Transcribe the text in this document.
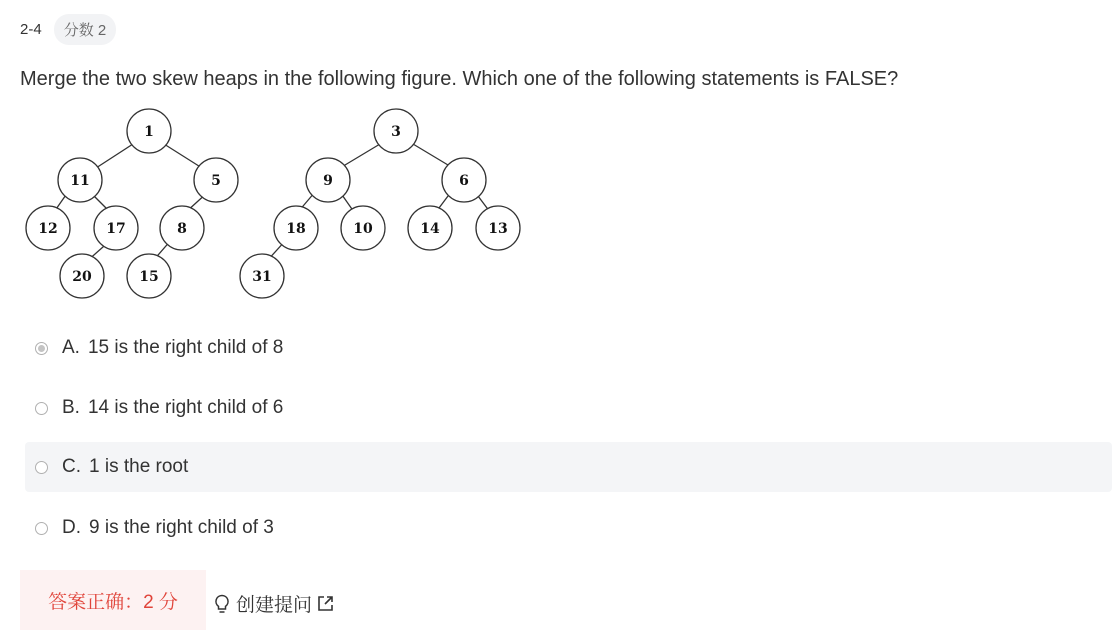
2-4	分数 2
Merge the two skew heaps in the following figure. Which one of the following statements is FALSE?
1
11	5
12	17	8
20	15	31
3
9	6
18	10	14	13
A. 15 is the right child of 8
B. 14 is the right child of 6
C. 1 is the root
D. 9 is the right child of 3
答案正确：2 分	创建提问
